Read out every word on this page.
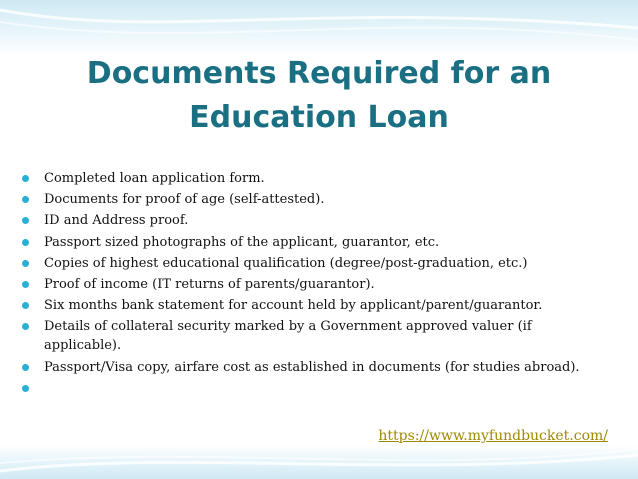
Documents Required for an
Education Loan
Completed loan application form.
Documents for proof of age (self-attested).
ID and Address proof.
Passport sized photographs of the applicant, guarantor, etc.
Copies of highest educational qualification (degree/post-graduation, etc.)
Proof of income (IT returns of parents/guarantor).
Six months bank statement for account held by applicant/parent/guarantor.
Details of collateral security marked by a Government approved valuer (if applicable).
Passport/Visa copy, airfare cost as established in documents (for studies abroad).
https://www.myfundbucket.com/
